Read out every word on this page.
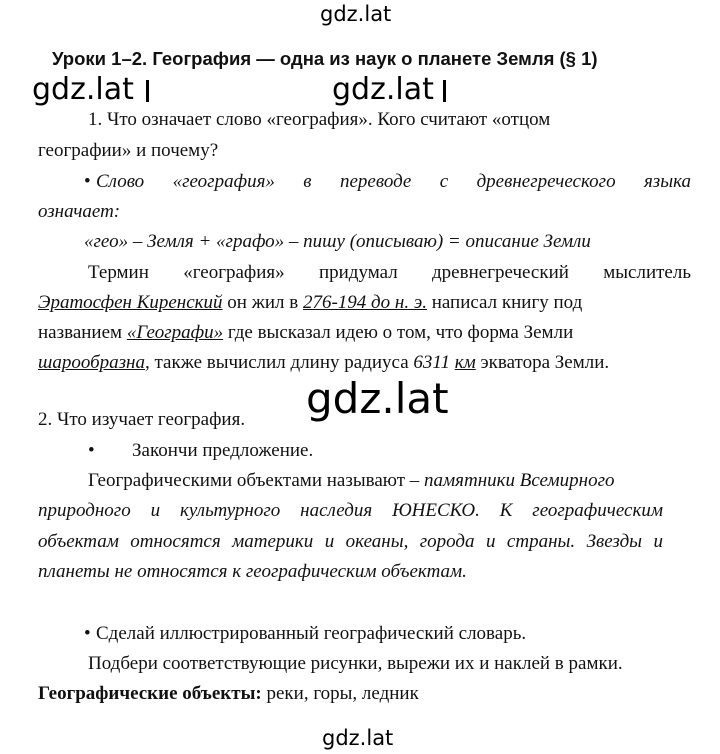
gdz.lat
gdz.lat	gdz.lat
gdz.lat
gdz.lat
Уроки 1–2. География — одна из наук о планете Земля (§ 1)
1. Что означает слово «география». Кого считают «отцом
географии» и почему?
• Слово «география» в переводе с древнегреческого языка
означает:
«гео» – Земля + «графо» – пишу (описываю) = описание Земли
Термин «география» придумал древнегреческий мыслитель
Эратосфен Киренский он жил в 276-194 до н. э. написал книгу под
названием «Географи» где высказал идею о том, что форма Земли
шарообразна, также вычислил длину радиуса 6311 км экватора Земли.
2. Что изучает география.
• Закончи предложение.
Географическими объектами называют – памятники Всемирного
природного и культурного наследия ЮНЕСКО. К географическим
объектам относятся материки и океаны, города и страны. Звезды и
планеты не относятся к географическим объектам.
• Сделай иллюстрированный географический словарь.
Подбери соответствующие рисунки, вырежи их и наклей в рамки.
Географические объекты: реки, горы, ледник
